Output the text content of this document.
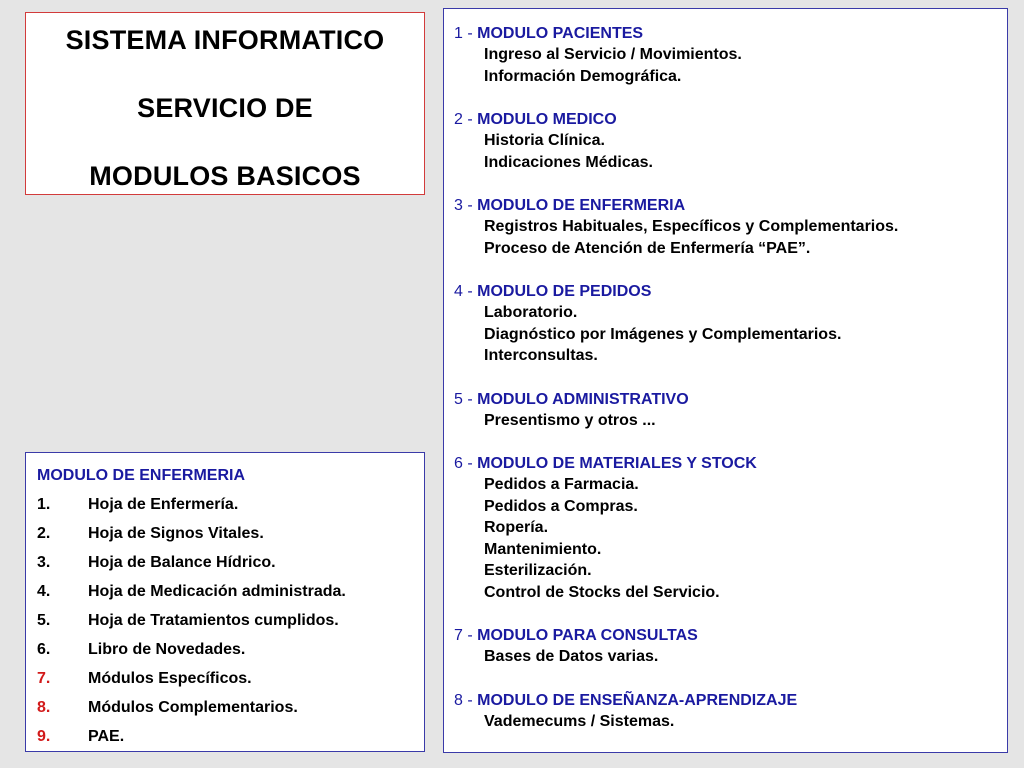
SISTEMA INFORMATICO
SERVICIO DE
MODULOS BASICOS
MODULO DE ENFERMERIA
1. Hoja de Enfermería.
2. Hoja de Signos Vitales.
3. Hoja de Balance Hídrico.
4. Hoja de Medicación administrada.
5. Hoja de Tratamientos cumplidos.
6. Libro de Novedades.
7. Módulos Específicos.
8. Módulos Complementarios.
9. PAE.
1 - MODULO PACIENTES
Ingreso al Servicio / Movimientos.
Información Demográfica.
2 - MODULO MEDICO
Historia Clínica.
Indicaciones Médicas.
3 - MODULO DE ENFERMERIA
Registros Habituales, Específicos y Complementarios.
Proceso de Atención de Enfermería “PAE”.
4 - MODULO DE PEDIDOS
Laboratorio.
Diagnóstico por Imágenes y Complementarios.
Interconsultas.
5 - MODULO ADMINISTRATIVO
Presentismo y otros ...
6 - MODULO DE MATERIALES Y STOCK
Pedidos a Farmacia.
Pedidos a Compras.
Ropería.
Mantenimiento.
Esterilización.
Control de Stocks del Servicio.
7 - MODULO PARA CONSULTAS
Bases de Datos varias.
8 - MODULO DE ENSEÑANZA-APRENDIZAJE
Vademecums / Sistemas.
